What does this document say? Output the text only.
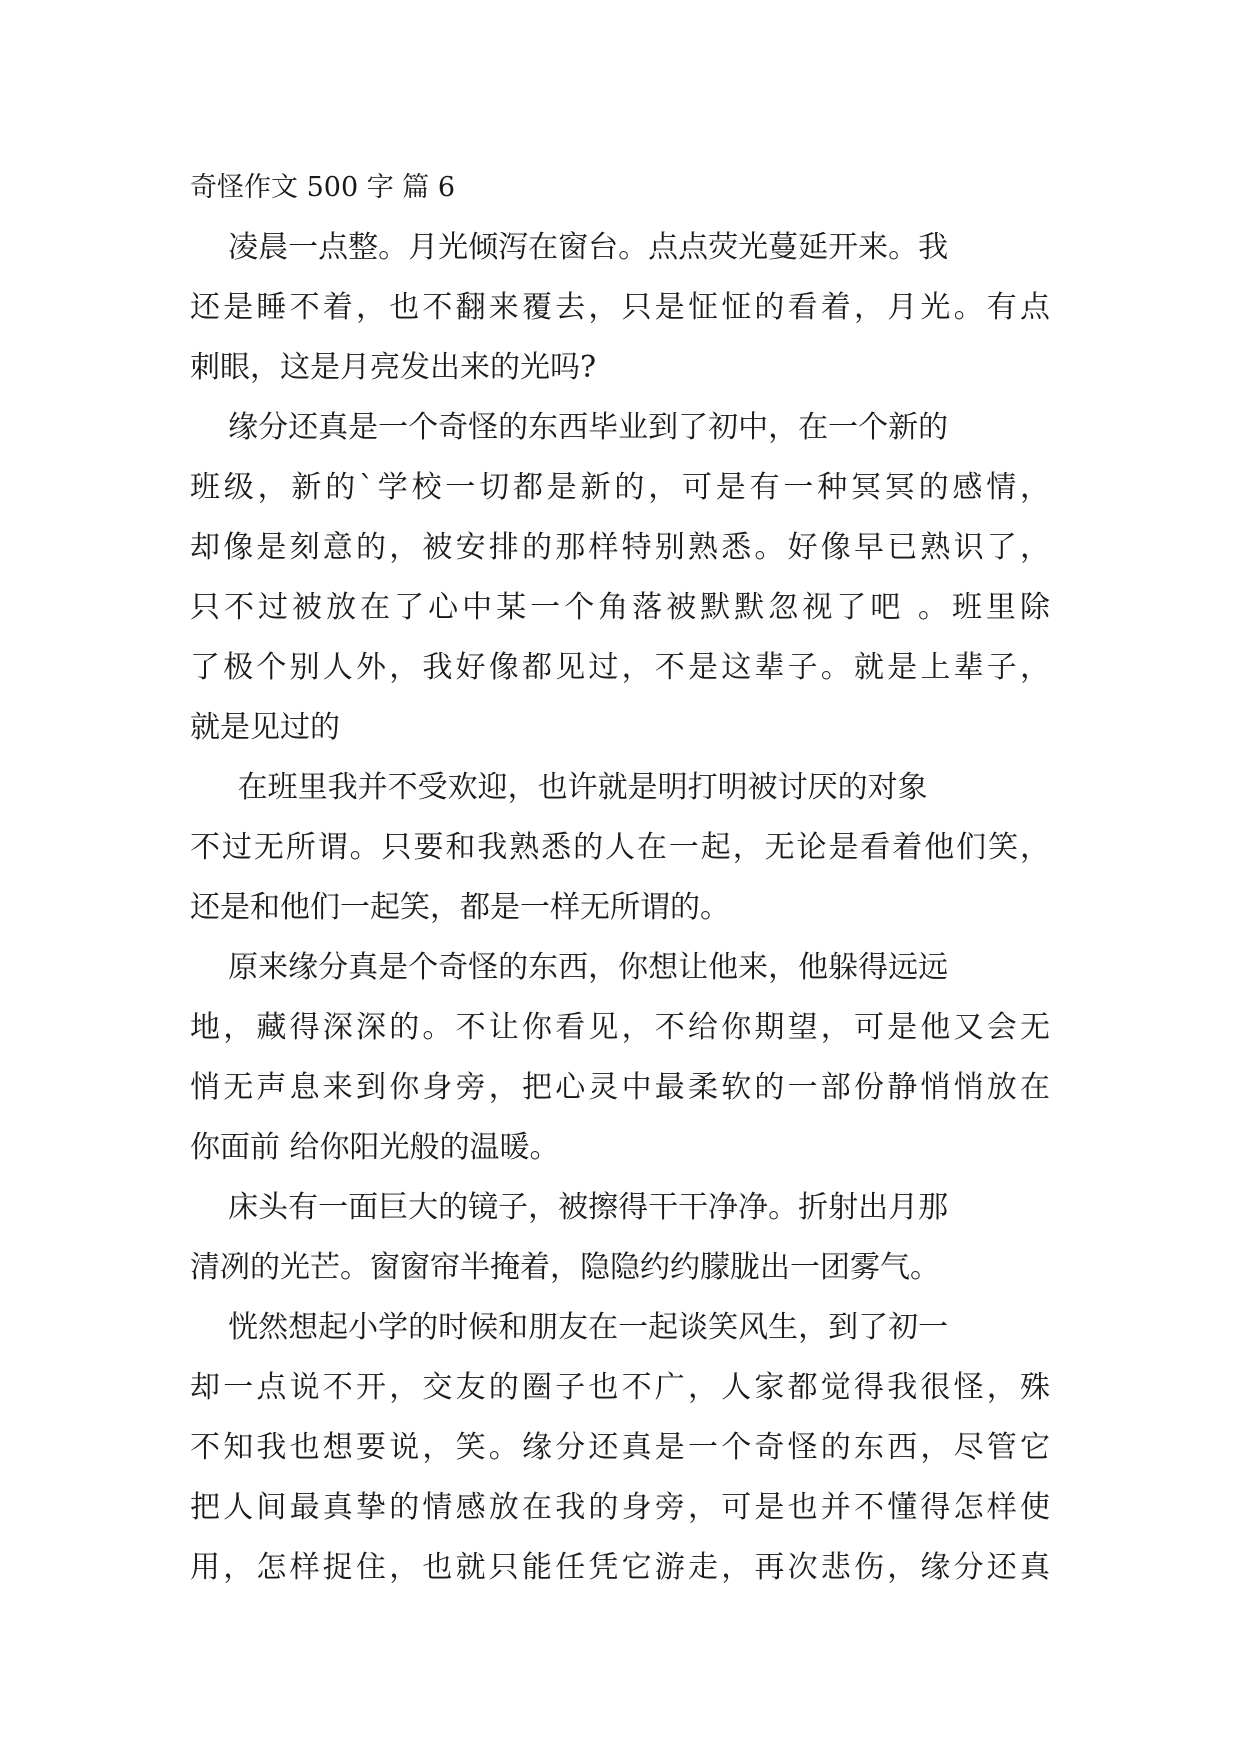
奇怪作文 500 字 篇 6

凌晨一点整。月光倾泻在窗台。点点荧光蔓延开来。我

还是睡不着，也不翻来覆去，只是怔怔的看着，月光。有点

刺眼，这是月亮发出来的光吗?

缘分还真是一个奇怪的东西毕业到了初中，在一个新的

班级，新的`学校一切都是新的，可是有一种冥冥的感情，

却像是刻意的，被安排的那样特别熟悉。好像早已熟识了，

只不过被放在了心中某一个角落被默默忽视了吧 。班里除

了极个别人外，我好像都见过，不是这辈子。就是上辈子，

就是见过的

在班里我并不受欢迎，也许就是明打明被讨厌的对象

不过无所谓。只要和我熟悉的人在一起，无论是看着他们笑，

还是和他们一起笑，都是一样无所谓的。

原来缘分真是个奇怪的东西，你想让他来，他躲得远远

地，藏得深深的。不让你看见，不给你期望，可是他又会无

悄无声息来到你身旁，把心灵中最柔软的一部份静悄悄放在

你面前 给你阳光般的温暖。

床头有一面巨大的镜子，被擦得干干净净。折射出月那

清冽的光芒。窗窗帘半掩着，隐隐约约朦胧出一团雾气。

恍然想起小学的时候和朋友在一起谈笑风生，到了初一

却一点说不开，交友的圈子也不广，人家都觉得我很怪，殊

不知我也想要说，笑。缘分还真是一个奇怪的东西，尽管它

把人间最真挚的情感放在我的身旁，可是也并不懂得怎样使

用，怎样捉住，也就只能任凭它游走，再次悲伤，缘分还真
